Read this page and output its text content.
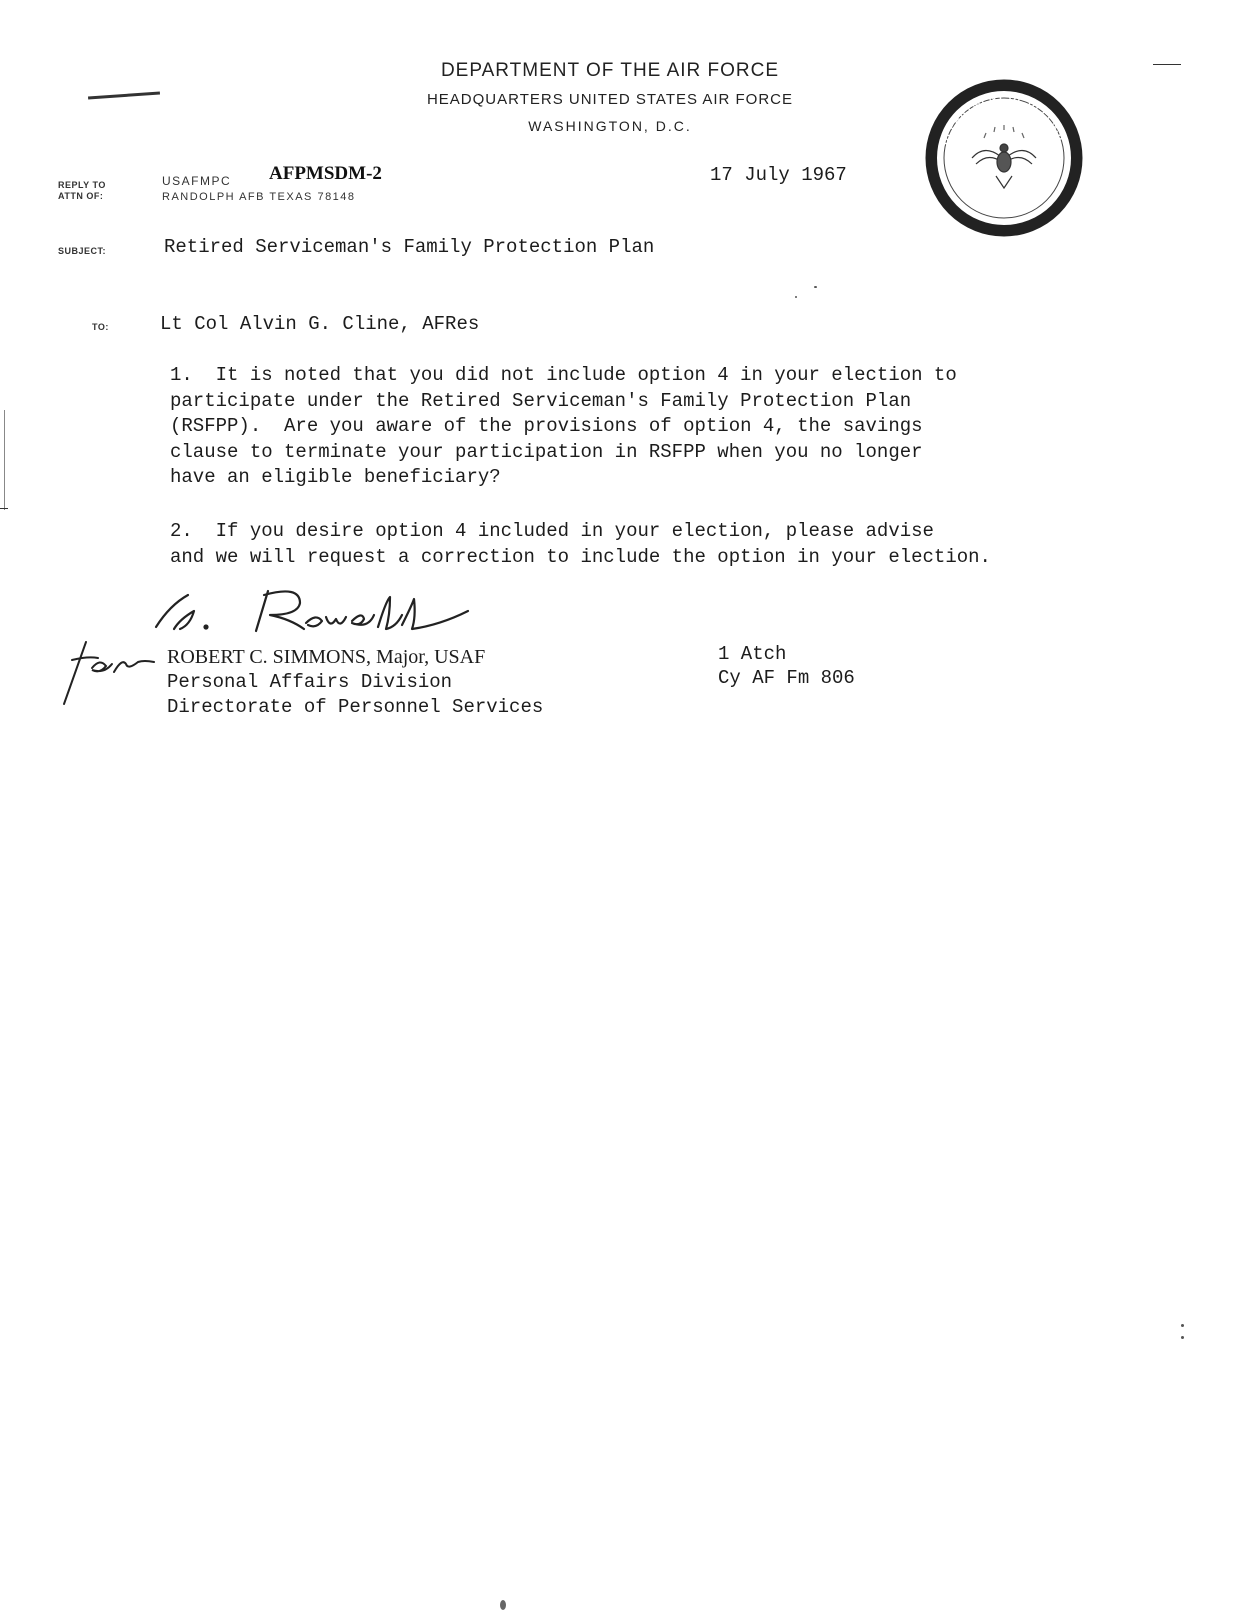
DEPARTMENT OF THE AIR FORCE
HEADQUARTERS UNITED STATES AIR FORCE
WASHINGTON, D.C.
DEPARTMENT OF DEFENSE
UNITED STATES OF AMERICA
REPLY TO
ATTN OF:
USAFMPC AFPMSDM-2
RANDOLPH AFB TEXAS 78148
17 July 1967
SUBJECT:	Retired Serviceman's Family Protection Plan
TO:	Lt Col Alvin G. Cline, AFRes
1.  It is noted that you did not include option 4 in your election to
participate under the Retired Serviceman's Family Protection Plan
(RSFPP).  Are you aware of the provisions of option 4, the savings
clause to terminate your participation in RSFPP when you no longer
have an eligible beneficiary?
2.  If you desire option 4 included in your election, please advise
and we will request a correction to include the option in your election.
ROBERT C. SIMMONS, Major, USAF
Personal Affairs Division
Directorate of Personnel Services
1 Atch
Cy AF Fm 806
